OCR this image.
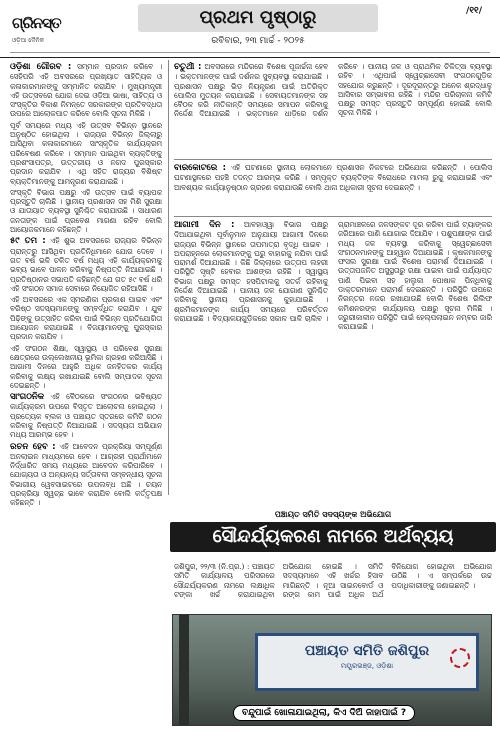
ଗ୍ରିନସ୍ତ
ଓଡ଼ିଆ ଦୈନିକ
ପ୍ରଥମ ପୃଷ୍ଠାରୁ
ରବିବାର, ୨୩ ମାର୍ଚ୍ଚ - ୨୦୨୫
/୧୧/

ଓଡ଼ିଶା ଗୌରବ : ସମ୍ମାନ ପ୍ରଦାନ କରିବେ । ସେହିପରି ଏହି ଅବସରରେ ପ୍ରଖ୍ୟାତ ସାହିତ୍ୟିକ ଓ କଳାକାରମାନଙ୍କୁ ସମ୍ମାନିତ କରାଯିବ । ମୁଖ୍ୟମନ୍ତ୍ରୀ ଏହି ଉତ୍ସବରେ ଯୋଗ ଦେଇ ଓଡ଼ିଆ ଭାଷା, ସାହିତ୍ୟ ଓ ସଂସ୍କୃତିର ବିକାଶ ନିମନ୍ତେ ସରକାରଙ୍କ ପ୍ରତିବଦ୍ଧତା ଉପରେ ଆଲୋକପାତ କରିବେ ବୋଲି ସୂଚନା ମିଳିଛି ।

ପୂର୍ବ ସମୟରେ ମଧ୍ୟ ଏହି ଉତ୍ସବ ବିଭିନ୍ନ ସ୍ଥାନରେ ଅନୁଷ୍ଠିତ ହୋଇଥିଲା । ରାଜ୍ୟର ବିଭିନ୍ନ ଜିଲ୍ଲାରୁ ଆସିଥିବା କଳାକାରମାନେ ସାଂସ୍କୃତିକ କାର୍ଯ୍ୟକ୍ରମ ପରିବେଷଣ କରିବେ । ସମ୍ମାନ ପାଇଥିବା ବ୍ୟକ୍ତିଙ୍କୁ ପ୍ରଶଂସାପତ୍ର, ଉତ୍ତରୀୟ ଓ ନଗଦ ପୁରସ୍କାର ପ୍ରଦାନ କରାଯିବ । ଏଥି ସହିତ ରାଜ୍ୟର ବିଶିଷ୍ଟ ବ୍ୟକ୍ତିମାନଙ୍କୁ ଆମନ୍ତ୍ରଣ କରାଯାଇଛି ।

ସଂସ୍କୃତି ବିଭାଗ ପକ୍ଷରୁ ଏହି ଉତ୍ସବ ପାଇଁ ବ୍ୟାପକ ପ୍ରସ୍ତୁତି ଚାଲିଛି । ସ୍ଥାନୀୟ ପ୍ରଶାସନ ସହ ମିଶି ସୁରକ୍ଷା ଓ ଯାତାୟାତ ବ୍ୟବସ୍ଥା ସୁନିଶ୍ଚିତ କରାଯାଉଛି । ସାଧାରଣ ଜନତାଙ୍କ ପାଇଁ ପ୍ରବେଶ ମାଗଣା ରହିବ ବୋଲି ଆୟୋଜକମାନେ କହିଛନ୍ତି ।

୫୯ ତମ : ଏହି ଶୁଭ ଅବସରରେ ରାଜ୍ୟର ବିଭିନ୍ନ ପ୍ରାନ୍ତରୁ ଆସିଥିବା ପ୍ରତିନିଧିମାନେ ଯୋଗ ଦେବେ । ଗତ ବର୍ଷ ଭଳି ଚଳିତ ବର୍ଷ ମଧ୍ୟ ଏହି କାର୍ଯ୍ୟକ୍ରମକୁ ଭବ୍ୟ ଭାବେ ପାଳନ କରିବାକୁ ନିଷ୍ପତ୍ତି ନିଆଯାଇଛି । ପ୍ରତିଷ୍ଠାନର ସଭାପତି କହିଛନ୍ତି ଯେ ଗତ ୫୯ ବର୍ଷ ଧରି ଏହି ସଂଗଠନ ସମାଜ ସେବାରେ ନିୟୋଜିତ ରହିଆସିଛି ।

ଏହି ଅବସରରେ ଏକ ସ୍ମରଣିକା ପ୍ରକାଶ ପାଇବ ଏବଂ ବରିଷ୍ଠ ସଦସ୍ୟମାନଙ୍କୁ ସମ୍ବର୍ଦ୍ଧିତ କରାଯିବ । ଯୁବ ପିଢ଼ିଙ୍କୁ ଉତ୍ସାହିତ କରିବା ପାଇଁ ବିଭିନ୍ନ ପ୍ରତିଯୋଗିତା ଆୟୋଜନ କରାଯାଇଛି । ବିଜୟୀମାନଙ୍କୁ ପୁରସ୍କାର ପ୍ରଦାନ କରାଯିବ ।

ଏହି ସଂଗଠନ ଶିକ୍ଷା, ସ୍ୱାସ୍ଥ୍ୟ ଓ ପରିବେଶ ସୁରକ୍ଷା କ୍ଷେତ୍ରରେ ଉଲ୍ଲେଖନୀୟ ଭୂମିକା ଗ୍ରହଣ କରିଆସିଛି । ଆଗାମୀ ଦିନରେ ଆହୁରି ଅଧିକ ଜନହିତକର କାର୍ଯ୍ୟ କରିବାକୁ ଲକ୍ଷ୍ୟ ରଖାଯାଇଛି ବୋଲି ସମ୍ପାଦକ ସୂଚନା ଦେଇଛନ୍ତି ।

ସାଂଗଠନିକ ଏହି ବୈଠକରେ ସଂଗଠନର ଭବିଷ୍ୟତ କାର୍ଯ୍ୟକ୍ରମ ଉପରେ ବିସ୍ତୃତ ଆଲୋଚନା ହୋଇଥିଲା । ପ୍ରତ୍ୟେକ ବ୍ଲକ ଓ ପଞ୍ଚାୟତ ସ୍ତରରେ କମିଟି ଗଠନ କରିବାକୁ ନିଷ୍ପତ୍ତି ନିଆଯାଇଛି । ସଦସ୍ୟତା ଅଭିଯାନ ମଧ୍ୟ ଆରମ୍ଭ ହେବ ।

ରଚନ ହେବ : ଏହି ଆବେଦନ ପ୍ରକ୍ରିୟା ସମ୍ପୂର୍ଣ୍ଣ ଅନଲାଇନ ମାଧ୍ୟମରେ ହେବ । ଆଗ୍ରହୀ ପ୍ରାର୍ଥୀମାନେ ନିର୍ଦ୍ଧାରିତ ସମୟ ମଧ୍ୟରେ ଆବେଦନ କରିପାରିବେ । ଯୋଗ୍ୟତା ଓ ଅନ୍ୟାନ୍ୟ ସର୍ତ୍ତାବଳୀ ସମ୍ବନ୍ଧୀୟ ସୂଚନା ବିଭାଗୀୟ ୱେବସାଇଟରେ ଉପଲବ୍ଧ ଅଛି । ଚୟନ ପ୍ରକ୍ରିୟା ସ୍ୱଚ୍ଛ ଭାବେ କରାଯିବ ବୋଲି କର୍ତ୍ତୃପକ୍ଷ କହିଛନ୍ତି ।

ଚତୁର୍ଥୀ : ଅବସରରେ ମନ୍ଦିରରେ ବିଶେଷ ପୂଜାର୍ଚ୍ଚନା ହେବ । ଭକ୍ତମାନଙ୍କ ପାଇଁ ଦର୍ଶନର ସୁବ୍ୟବସ୍ଥା କରାଯାଇଛି । ପ୍ରଶାସନ ପକ୍ଷରୁ ଭିଡ଼ ନିୟନ୍ତ୍ରଣ ପାଇଁ ଅତିରିକ୍ତ ପୋଲିସ ମୁତୟନ କରାଯାଇଛି । ସେବାୟତମାନଙ୍କ ସହ ବୈଠକ କରି ନୀତିକାନ୍ତି ସମୟରେ ସମାପନ କରିବାକୁ ନିର୍ଦ୍ଦେଶ ଦିଆଯାଇଛି । ଭକ୍ତମାନେ ଧାଡ଼ିରେ ଦର୍ଶନ କରିବେ । ପାନୀୟ ଜଳ ଓ ପ୍ରାଥମିକ ଚିକିତ୍ସା ବ୍ୟବସ୍ଥା ରହିବ । ଏଥିପାଇଁ ସ୍ୱେଚ୍ଛାସେବୀ ସଂଗଠନଗୁଡ଼ିକ ସହଯୋଗ କରୁଛନ୍ତି । ଦୂରଦୂରାନ୍ତରୁ ଅନେକ ଶ୍ରଦ୍ଧାଳୁ ଆସିବାର ସମ୍ଭାବନା ରହିଛି । ମନ୍ଦିର ପରିଚାଳନା କମିଟି ପକ୍ଷରୁ ସମସ୍ତ ପ୍ରସ୍ତୁତି ସମ୍ପୂର୍ଣ୍ଣ ହୋଇଛି ବୋଲି ସୂଚନା ମିଳିଛି ।
ବାରକୋଟରେ : ଏହି ଘଟଣାରେ ସ୍ଥାନୀୟ ଲୋକମାନେ ପ୍ରଶାସନ ନିକଟରେ ଅଭିଯୋଗ କରିଛନ୍ତି । ପୋଲିସ ଘଟଣାସ୍ଥଳରେ ପହଞ୍ଚି ତଦନ୍ତ ଆରମ୍ଭ କରିଛି । ସମ୍ପୃକ୍ତ ବ୍ୟକ୍ତିଙ୍କ ବିରୋଧରେ ମାମଲା ରୁଜୁ କରାଯାଇଛି ଏବଂ ଆବଶ୍ୟକ କାର୍ଯ୍ୟାନୁଷ୍ଠାନ ଗ୍ରହଣ କରାଯାଉଛି ବୋଲି ଥାନା ଅଧିକାରୀ ସୂଚନା ଦେଇଛନ୍ତି ।
ଆଗାମୀ ଦିନ : ଆବହାଓ୍ୱା ବିଭାଗ ପକ୍ଷରୁ ଦିଆଯାଇଥିବା ପୂର୍ବାନୁମାନ ଅନୁଯାୟୀ ଆଗାମୀ ଦିନରେ ରାଜ୍ୟର ବିଭିନ୍ନ ସ୍ଥାନରେ ତାପମାତ୍ରା ବୃଦ୍ଧି ପାଇବ । ଅପରାହ୍ନରେ ଲୋକମାନଙ୍କୁ ଘରୁ ବାହାରକୁ ନଯିବା ପାଇଁ ପରାମର୍ଶ ଦିଆଯାଇଛି । କିଛି ଜିଲ୍ଲାରେ ଉତ୍ତାପ ଲହରୀ ପରିସ୍ଥିତି ସୃଷ୍ଟି ହେବାର ଆଶଙ୍କା ରହିଛି । ସ୍ୱାସ୍ଥ୍ୟ ବିଭାଗ ପକ୍ଷରୁ ସମସ୍ତ ହସପିଟାଲକୁ ସତର୍କ ରହିବାକୁ ନିର୍ଦ୍ଦେଶ ଦିଆଯାଇଛି । ପାନୀୟ ଜଳ ଯୋଗାଣ ସୁନିଶ୍ଚିତ କରିବାକୁ ସ୍ଥାନୀୟ ପ୍ରଶାସନକୁ କୁହାଯାଇଛି । ଶ୍ରମିକମାନଙ୍କ କାର୍ଯ୍ୟ ସମୟରେ ପରିବର୍ତ୍ତନ କରାଯାଇଛି । ବିଦ୍ୟାଳୟଗୁଡ଼ିକରେ ସକାଳ ପାଳି ଚାଲିବ । ଗ୍ରାମାଞ୍ଚଳରେ ଜଳସଙ୍କଟ ଦୂର କରିବା ପାଇଁ ଟ୍ୟାଙ୍କର ଜରିଆରେ ପାଣି ଯୋଗାଇ ଦିଆଯିବ । ପଶୁପକ୍ଷୀଙ୍କ ପାଇଁ ମଧ୍ୟ ଜଳ ବ୍ୟବସ୍ଥା କରିବାକୁ ସ୍ୱେଚ୍ଛାସେବୀ ସଂଗଠନମାନଙ୍କୁ ଆହ୍ୱାନ ଦିଆଯାଇଛି । କୃଷକମାନଙ୍କୁ ଫସଲ ସୁରକ୍ଷା ପାଇଁ ବିଶେଷ ପରାମର୍ଶ ଦିଆଯାଇଛି । ଉତ୍ତାପଜନିତ ଅସୁସ୍ଥତାରୁ ରକ୍ଷା ପାଇବା ପାଇଁ ପର୍ଯ୍ୟାପ୍ତ ପାଣି ପିଇବା ସହ ହାଲୁକା ପୋଷାକ ପିନ୍ଧିବାକୁ ଡାକ୍ତରମାନେ ପରାମର୍ଶ ଦେଇଛନ୍ତି । ପରିସ୍ଥିତି ଉପରେ ନିରନ୍ତର ନଜର ରଖାଯାଉଛି ବୋଲି ବିଶେଷ ରିଲିଫ କମିଶନରଙ୍କ କାର୍ଯ୍ୟାଳୟ ପକ୍ଷରୁ ସୂଚନା ମିଳିଛି । ଜରୁରୀକାଳୀନ ପରିସ୍ଥିତି ପାଇଁ ହେଲ୍ପଲାଇନ ନମ୍ବର ଜାରି କରାଯାଇଛି ।
ପଞ୍ଚାୟତ ସମିତି ସଦସ୍ୟଙ୍କ ଅଭିଯୋଗ
ସୌନ୍ଦର୍ଯ୍ୟକରଣ ନାମରେ ଅର୍ଥବ୍ୟୟ
ଜଶିପୁର, ୨୨/୩ (ନି.ପ୍ର.) : ପଞ୍ଚାୟତ ସମିତି କାର୍ଯ୍ୟାଳୟ ପରିସରରେ ସୌନ୍ଦର୍ଯ୍ୟକରଣ ନାମରେ ଲକ୍ଷାଧିକ ଟଙ୍କା ଖର୍ଚ୍ଚ କରାଯାଇଥିବା ଅଭିଯୋଗ ହୋଇଛି । ସମିତି ସଦସ୍ୟମାନେ ଏହି ଖର୍ଚ୍ଚର ହିସାବ ମାଗିଛନ୍ତି । ନୂଆ ସାଇନବୋର୍ଡ ଓ ରଙ୍ଗ କାମ ପାଇଁ ଅଧିକ ଅର୍ଥ ବିନିଯୋଗ ହୋଇଥିବା ଅଭିଯୋଗ ଉଠିଛି । ଏ ସମ୍ପର୍କରେ ଉଚ୍ଚ ପଦାଧିକାରୀଙ୍କୁ ଜଣାଇଛନ୍ତି ।
ପଞ୍ଚାୟତ ସମିତି ଜଶିପୁର
ମୟୂରଭଞ୍ଜ, ଓଡ଼ିଶା
ବନ୍ଦୁପାଇଁ ଖୋଳାଯାଇଥିଲା, କିଏ ଦିଅି ଜାହାପାଇଁ ?
